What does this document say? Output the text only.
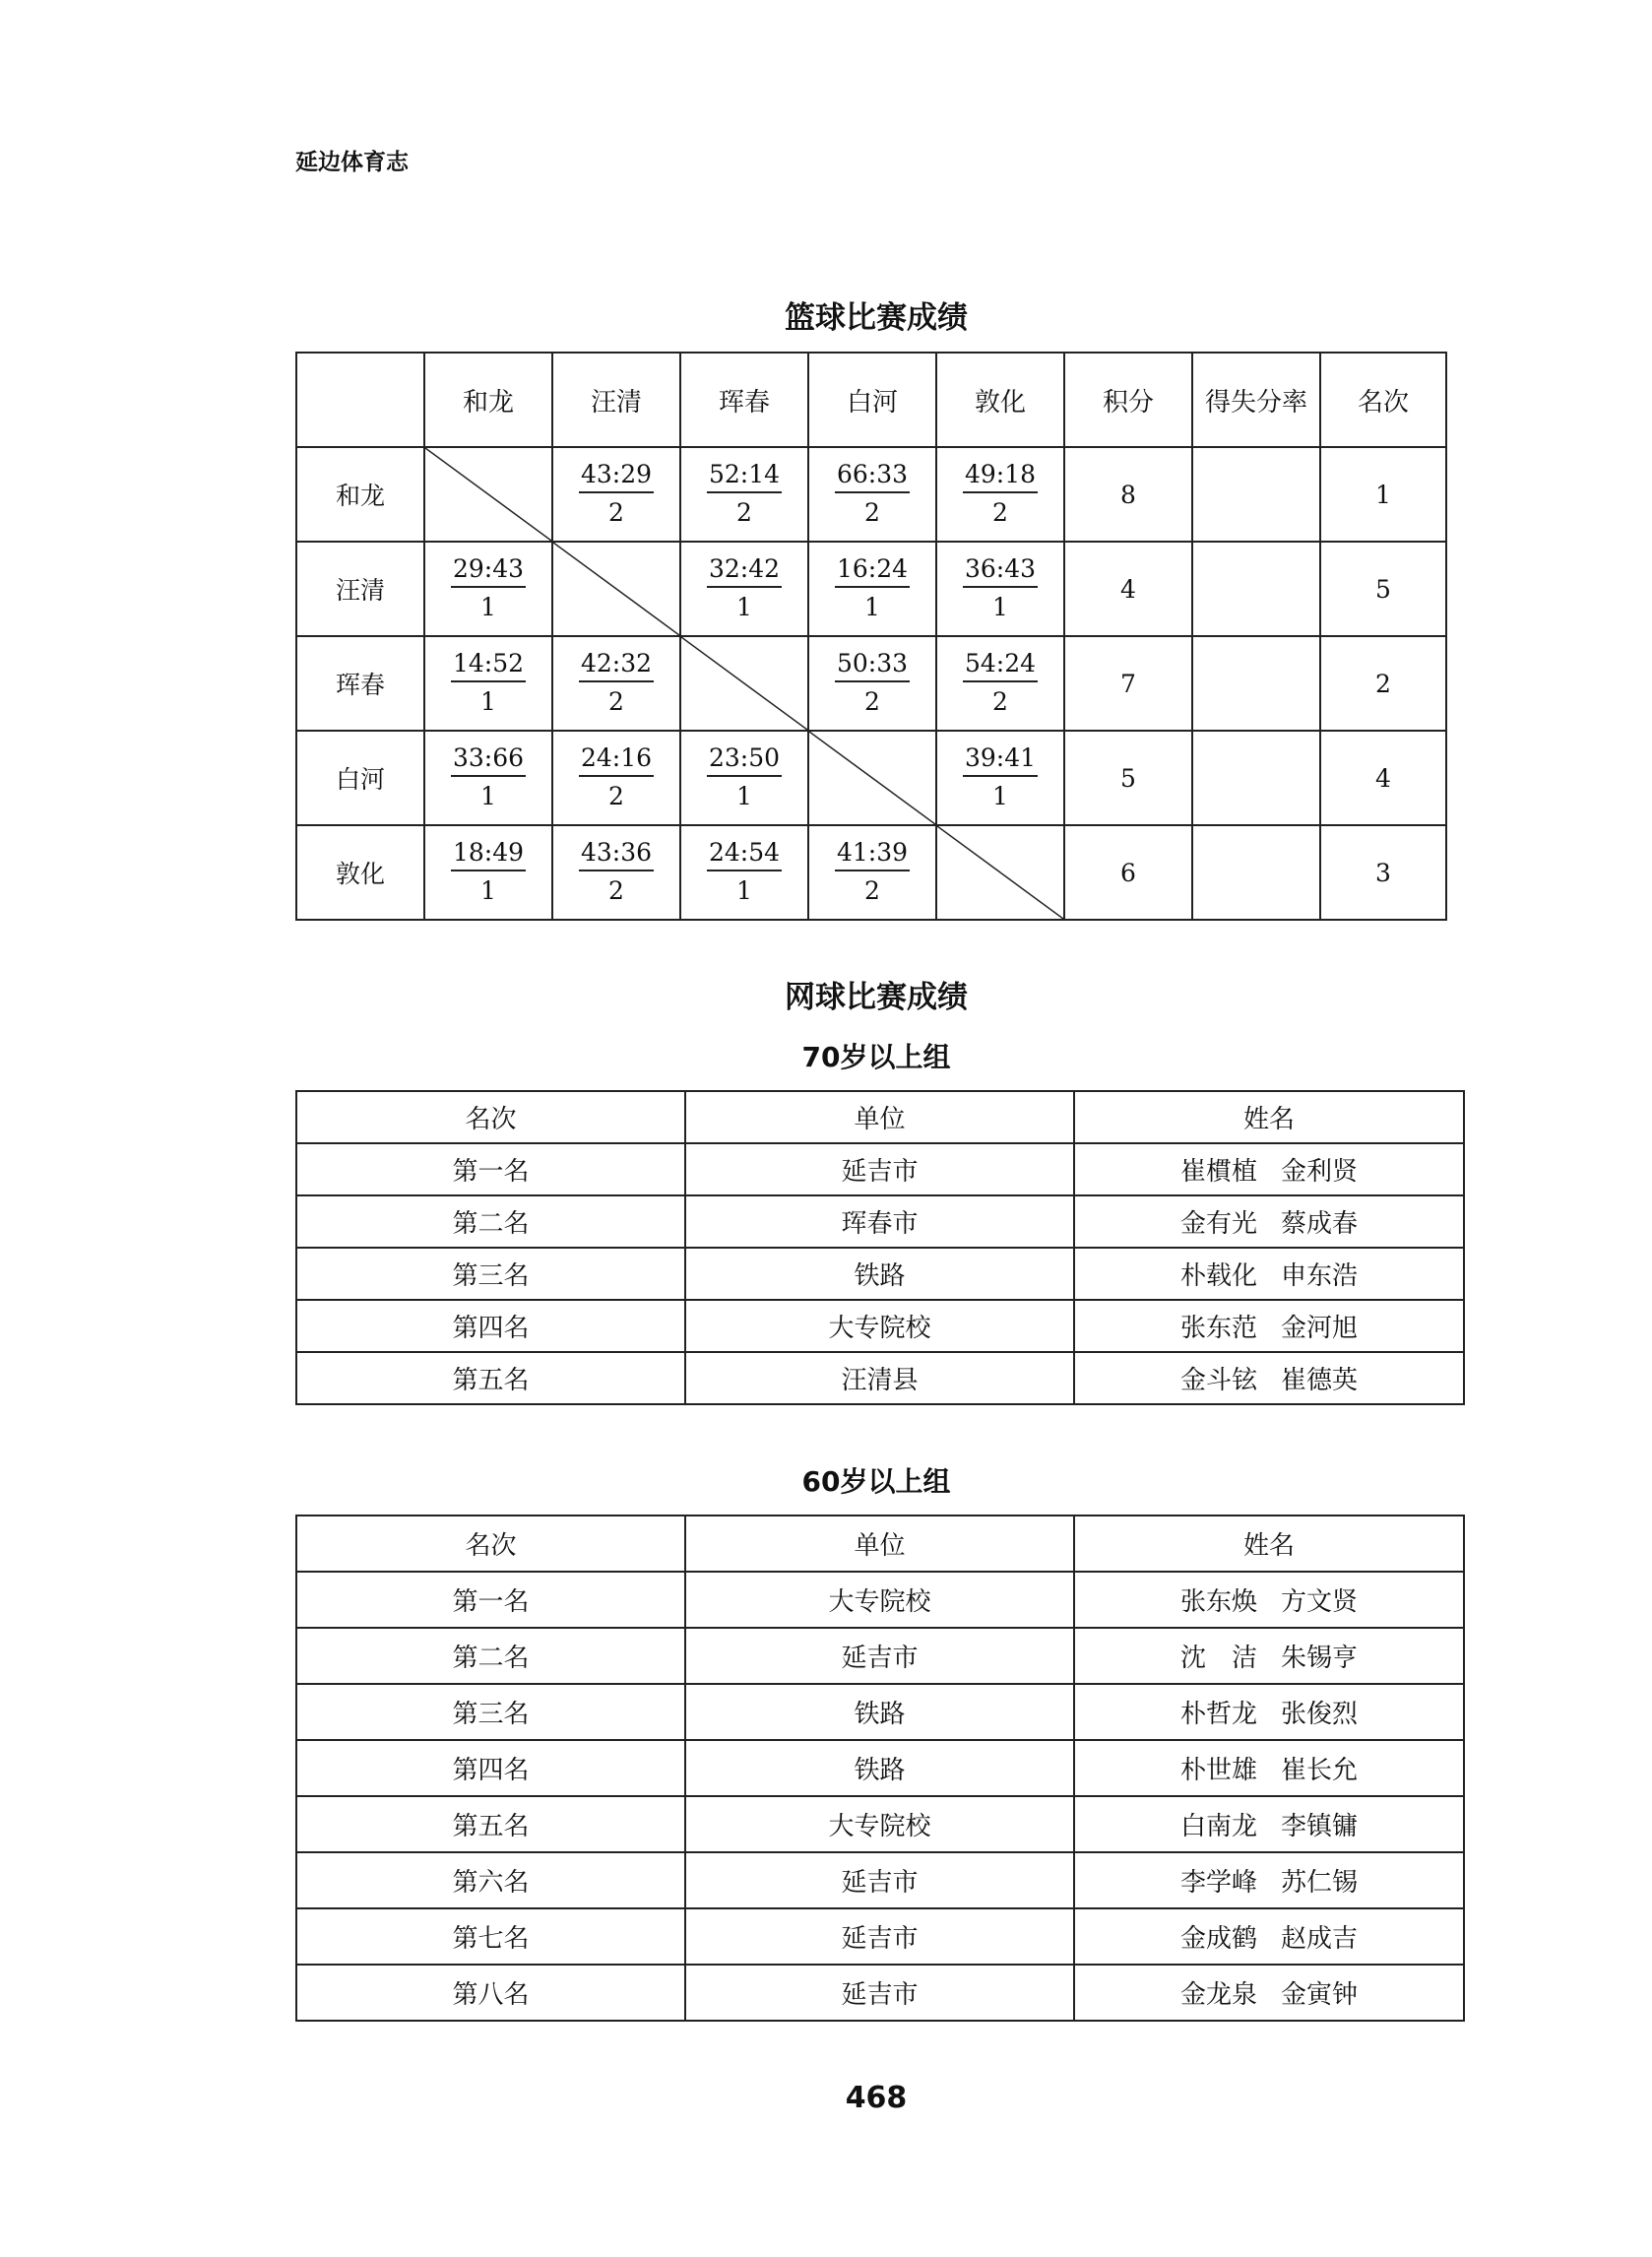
延边体育志
篮球比赛成绩
	和龙	汪清	珲春	白河	敦化	积分	得失分率	名次
和龙		$\frac{43:29}{2}$	$\frac{52:14}{2}$	$\frac{66:33}{2}$	$\frac{49:18}{2}$	8		1
汪清	$\frac{29:43}{1}$		$\frac{32:42}{1}$	$\frac{16:24}{1}$	$\frac{36:43}{1}$	4		5
珲春	$\frac{14:52}{1}$	$\frac{42:32}{2}$		$\frac{50:33}{2}$	$\frac{54:24}{2}$	7		2
白河	$\frac{33:66}{1}$	$\frac{24:16}{2}$	$\frac{23:50}{1}$		$\frac{39:41}{1}$	5		4
敦化	$\frac{18:49}{1}$	$\frac{43:36}{2}$	$\frac{24:54}{1}$	$\frac{41:39}{2}$		6		3
网球比赛成绩
70岁以上组
名次	单位	姓名
第一名	延吉市	崔樌植 金利贤
第二名	珲春市	金有光 蔡成春
第三名	铁路	朴载化 申东浩
第四名	大专院校	张东范 金河旭
第五名	汪清县	金斗铉 崔德英
60岁以上组
名次	单位	姓名
第一名	大专院校	张东焕 方文贤
第二名	延吉市	沈　洁 朱锡亨
第三名	铁路	朴哲龙 张俊烈
第四名	铁路	朴世雄 崔长允
第五名	大专院校	白南龙 李镇镛
第六名	延吉市	李学峰 苏仁锡
第七名	延吉市	金成鹤 赵成吉
第八名	延吉市	金龙泉 金寅钟
468
